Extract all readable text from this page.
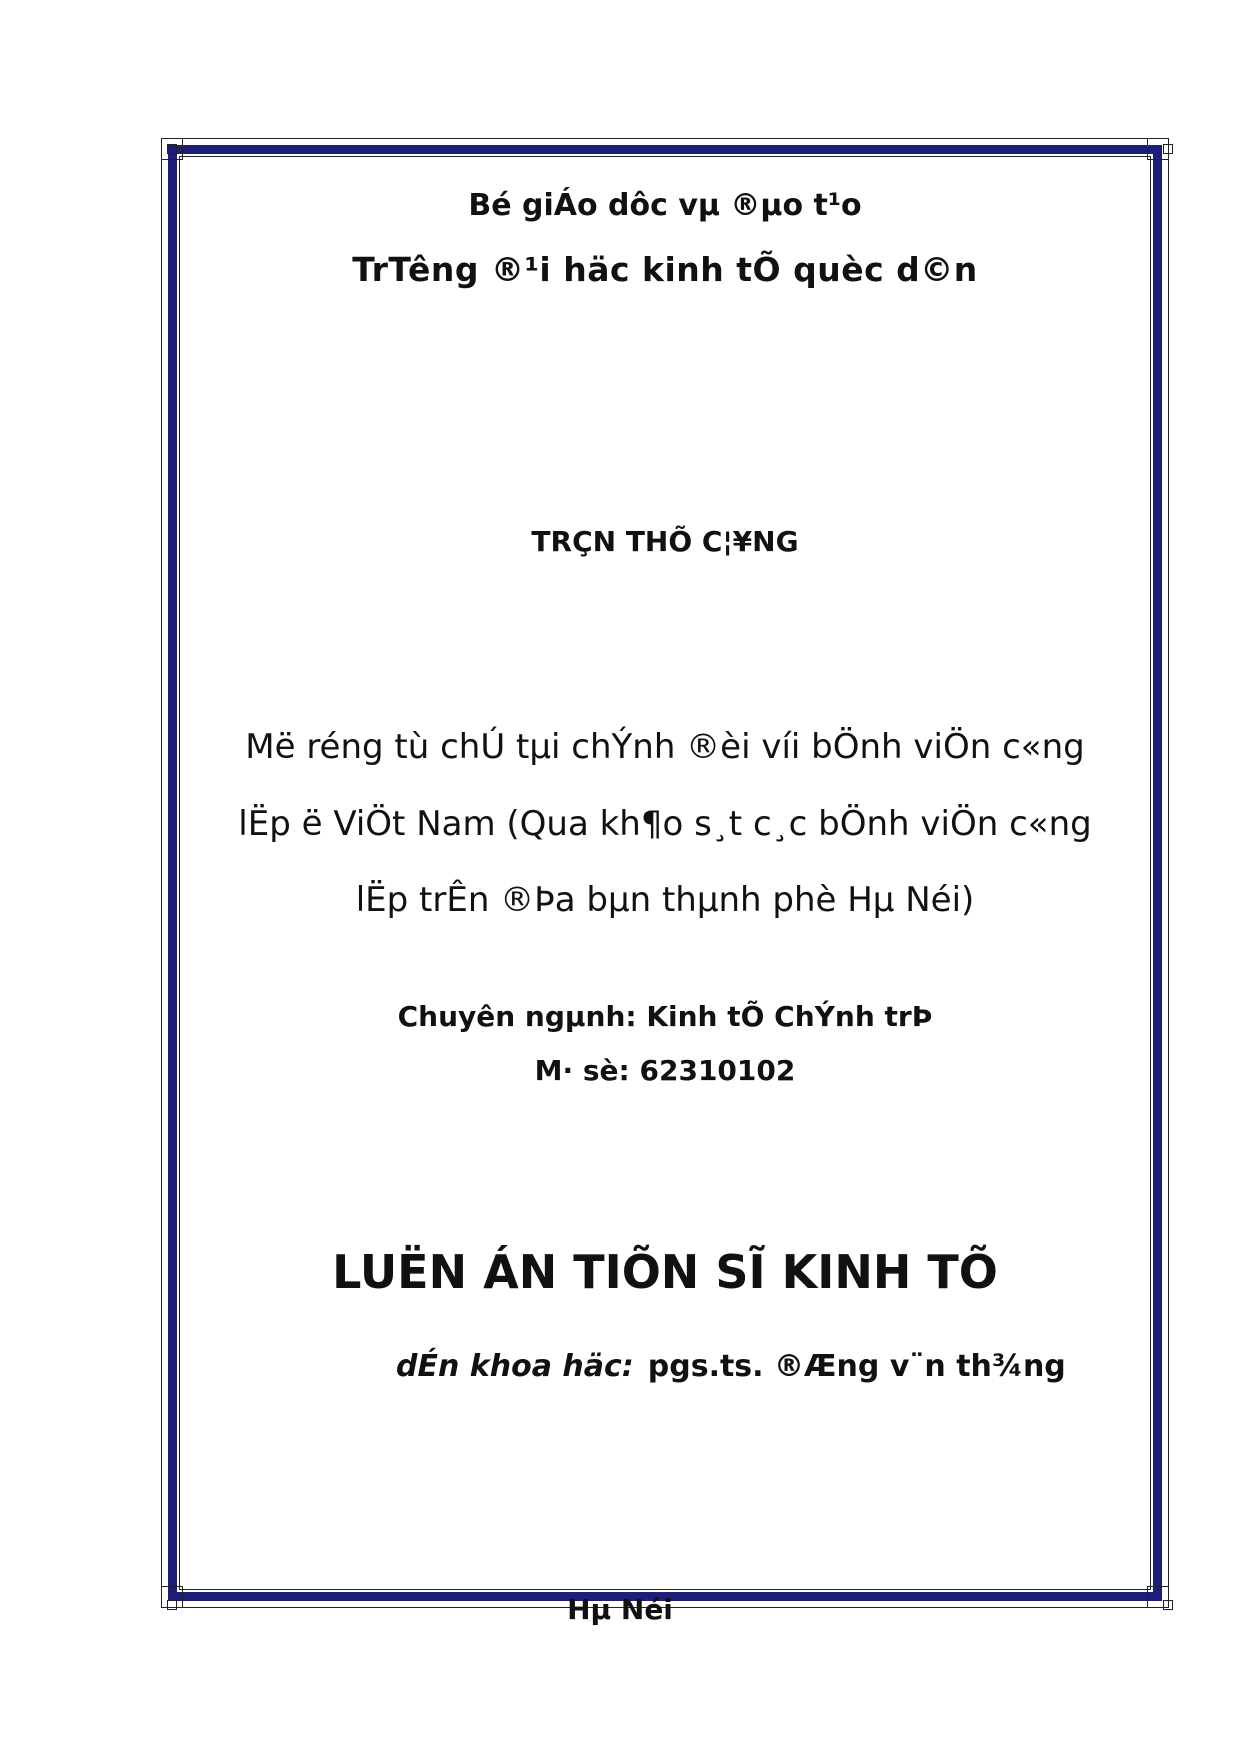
Bé giÁo dôc vµ ®µo t¹o
TrTêng ®¹i häc kinh tÕ quèc d©n
TRÇN THÕ C¦¥NG
Më réng tù chÚ tµi chÝnh ®èi víi bÖnh viÖn c«ng
lËp ë ViÖt Nam (Qua kh¶o s¸t c¸c bÖnh viÖn c«ng
lËp trÊn ®Þa bµn thµnh phè Hµ Néi)
Chuyên ngµnh: Kinh tÕ ChÝnh trÞ
M· sè: 62310102
LUËN ÁN TIÕN SĨ KINH TÕ
dÉn khoa häc: pgs.ts. ®Æng v¨n th¾ng
Hµ Néi
